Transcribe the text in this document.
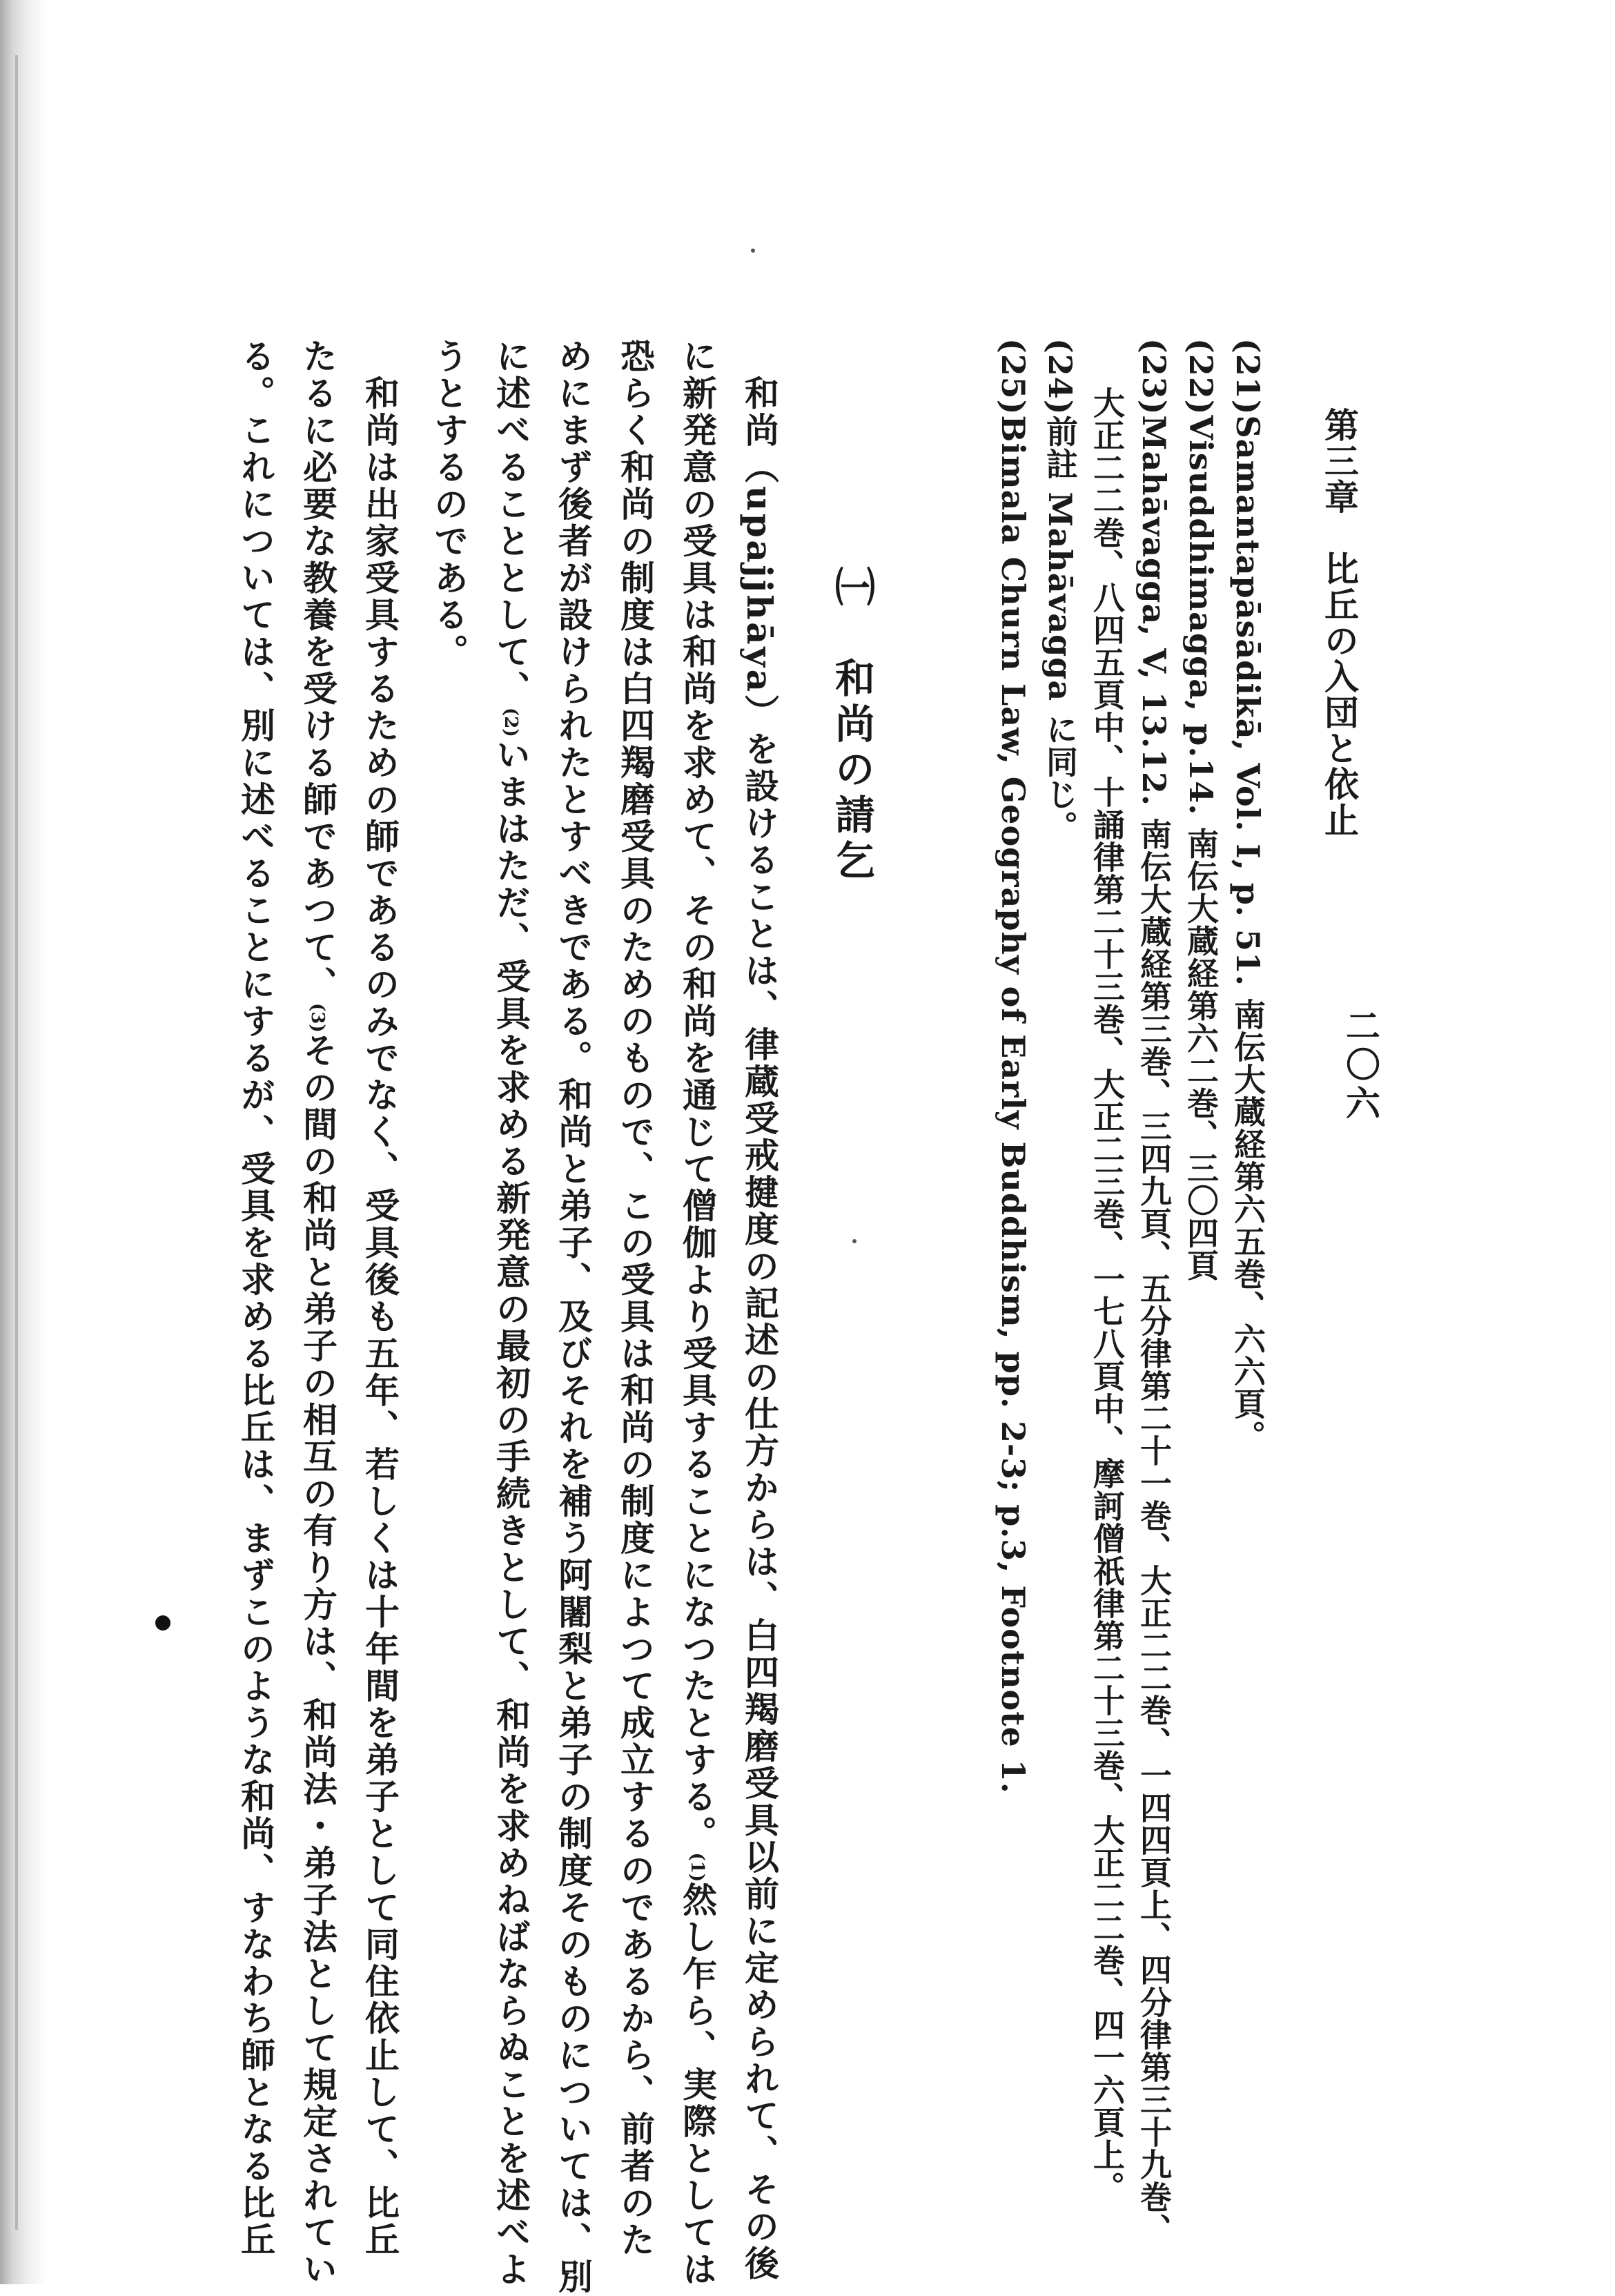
二〇六
第三章　比丘の入団と依止
(21)Samantapāsādikā, Vol. I, p. 51. 南伝大蔵経第六五巻、六六頁。
(22)Visuddhimagga, p.14. 南伝大蔵経第六二巻、三〇四頁
(23)Mahāvagga, V, 13.12. 南伝大蔵経第三巻、三四九頁、五分律第二十一巻、大正二二巻、一四四頁上、四分律第三十九巻、
大正二二巻、八四五頁中、十誦律第二十三巻、大正二三巻、一七八頁中、摩訶僧祇律第二十三巻、大正二二巻、四一六頁上。
(24)前註 Mahāvagga に同じ。
(25)Bimala Churn Law, Geography of Early Buddhism, pp. 2-3; p.3, Footnote 1.
㈠　和尚の請乞
　和尚（upajjhāya）を設けることは、律蔵受戒揵度の記述の仕方からは、白四羯磨受具以前に定められて、その後
に新発意の受具は和尚を求めて、その和尚を通じて僧伽より受具することになつたとする。(1)然し乍ら、実際としては
恐らく和尚の制度は白四羯磨受具のためのもので、この受具は和尚の制度によつて成立するのであるから、前者のた
めにまず後者が設けられたとすべきである。和尚と弟子、及びそれを補う阿闍梨と弟子の制度そのものについては、別
に述べることとして、(2)いまはただ、受具を求める新発意の最初の手続きとして、和尚を求めねばならぬことを述べよ
うとするのである。
　和尚は出家受具するための師であるのみでなく、受具後も五年、若しくは十年間を弟子として同住依止して、比丘
たるに必要な教養を受ける師であつて、(3)その間の和尚と弟子の相互の有り方は、和尚法・弟子法として規定されてい
る。これについては、別に述べることにするが、受具を求める比丘は、まずこのような和尚、すなわち師となる比丘
